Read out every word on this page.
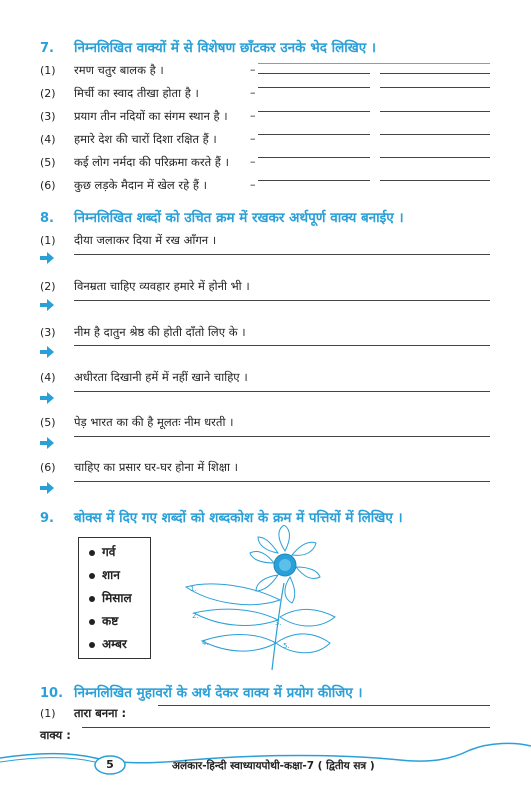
7.	निम्नलिखित वाक्यों में से विशेषण छाँटकर उनके भेद लिखिए ।
(1)	रमण चतुर बालक है ।	–
(2)	मिर्ची का स्वाद तीखा होता है ।	–
(3)	प्रयाग तीन नदियों का संगम स्थान है । –
(4)	हमारे देश की चारों दिशा रक्षित हैं ।	–
(5)	कई लोग नर्मदा की परिक्रमा करते हैं । –
(6)	कुछ लड़के मैदान में खेल रहे हैं ।	–
8.	निम्नलिखित शब्दों को उचित क्रम में रखकर अर्थपूर्ण वाक्य बनाईए ।
(1)	दीया जलाकर दिया में रख आँगन ।
(2)	विनम्रता चाहिए व्यवहार हमारे में होनी भी ।
(3)	नीम है दातुन श्रेष्ठ की होती दाँतो लिए के ।
(4)	अधीरता दिखानी हमें में नहीं खाने चाहिए ।
(5)	पेड़ भारत का की है मूलतः नीम धरती ।
(6)	चाहिए का प्रसार घर-घर होना में शिक्षा ।
9.	बोक्स में दिए गए शब्दों को शब्दकोश के क्रम में पत्तियों में लिखिए ।
गर्व
शान
मिसाल
कष्ट
अम्बर
1.
2.
3.
4.	5.
10. निम्नलिखित मुहावरों के अर्थ देकर वाक्य में प्रयोग कीजिए ।
(1)	तारा बनना :
वाक्य :
5	अलंकार-हिन्दी स्वाध्यायपोथी-कक्षा-7 ( द्वितीय सत्र )
